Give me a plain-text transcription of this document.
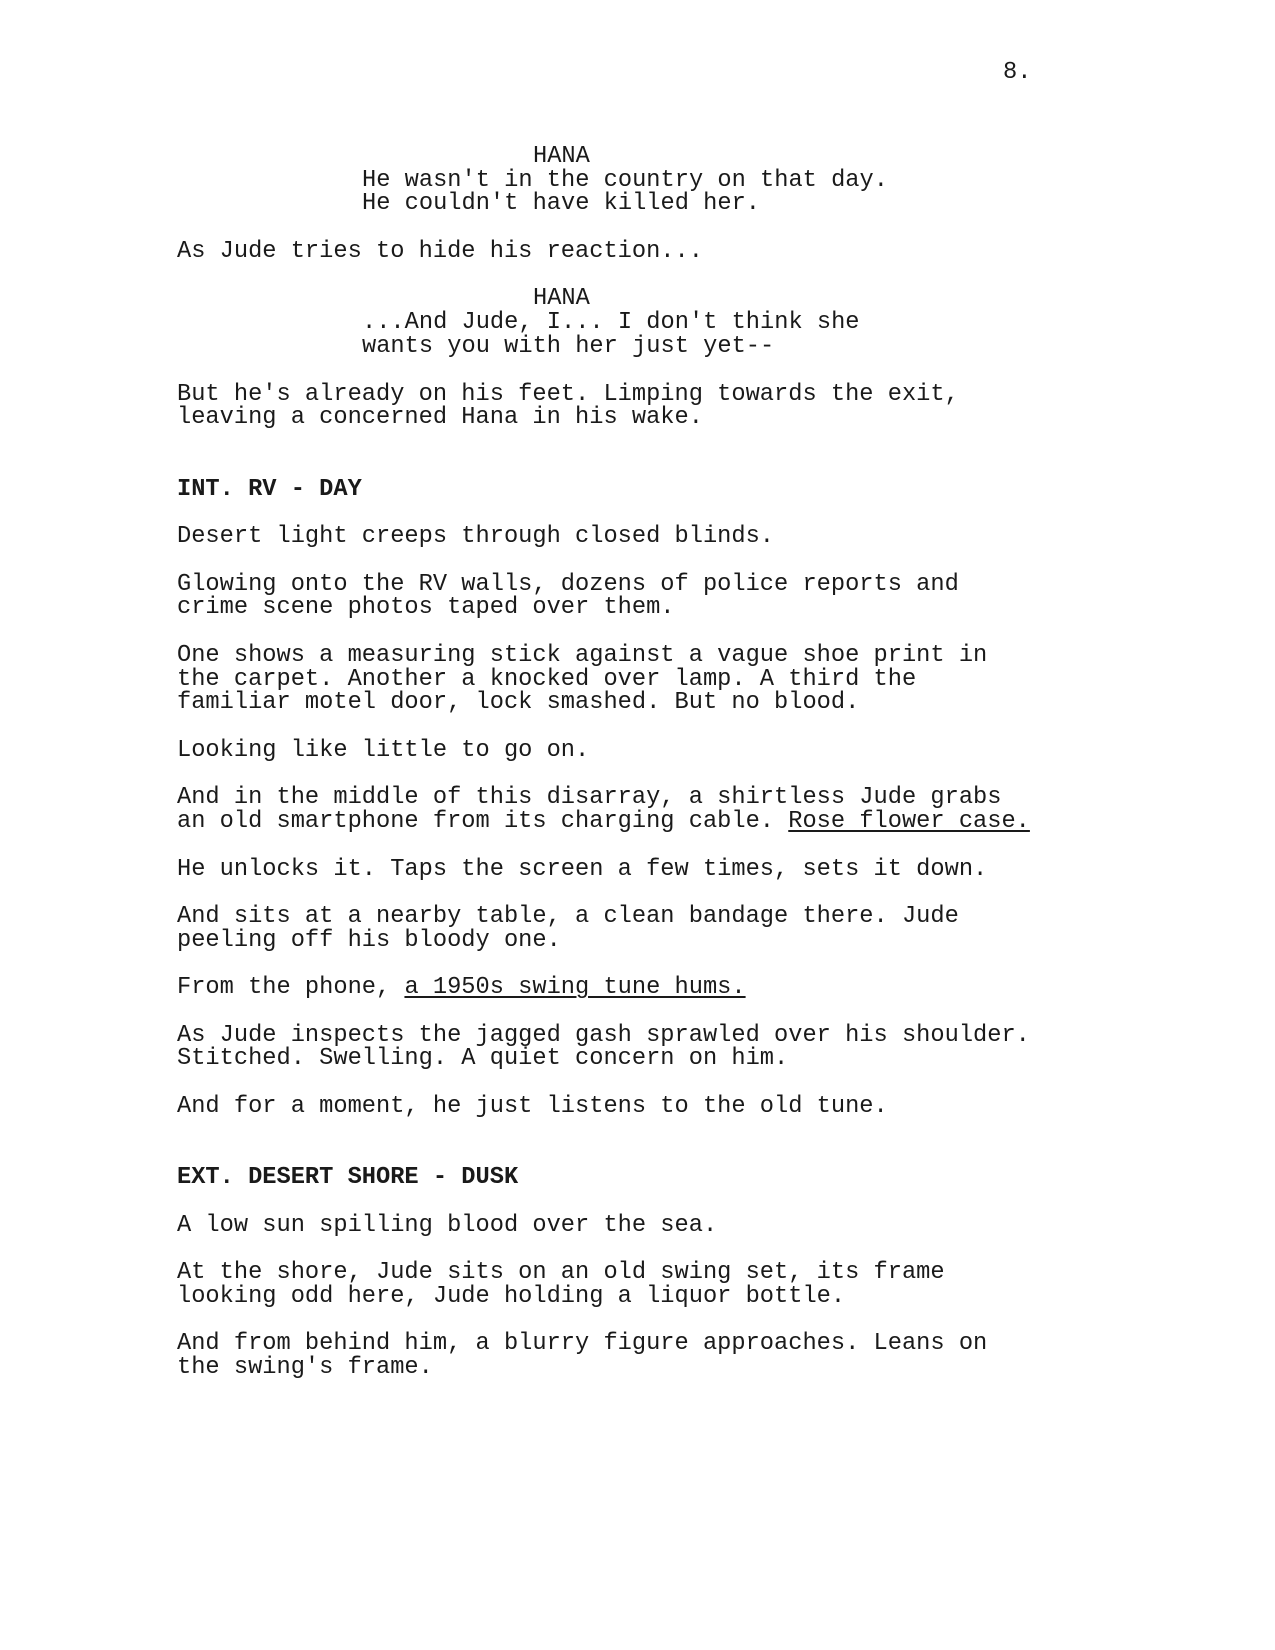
8.
HANA
He wasn't in the country on that day.
He couldn't have killed her.
As Jude tries to hide his reaction...
HANA
...And Jude, I... I don't think she
wants you with her just yet--
But he's already on his feet. Limping towards the exit,
leaving a concerned Hana in his wake.
INT. RV - DAY
Desert light creeps through closed blinds.
Glowing onto the RV walls, dozens of police reports and
crime scene photos taped over them.
One shows a measuring stick against a vague shoe print in
the carpet. Another a knocked over lamp. A third the
familiar motel door, lock smashed. But no blood.
Looking like little to go on.
And in the middle of this disarray, a shirtless Jude grabs
an old smartphone from its charging cable. Rose flower case.
He unlocks it. Taps the screen a few times, sets it down.
And sits at a nearby table, a clean bandage there. Jude
peeling off his bloody one.
From the phone, a 1950s swing tune hums.
As Jude inspects the jagged gash sprawled over his shoulder.
Stitched. Swelling. A quiet concern on him.
And for a moment, he just listens to the old tune.
EXT. DESERT SHORE - DUSK
A low sun spilling blood over the sea.
At the shore, Jude sits on an old swing set, its frame
looking odd here, Jude holding a liquor bottle.
And from behind him, a blurry figure approaches. Leans on
the swing's frame.
